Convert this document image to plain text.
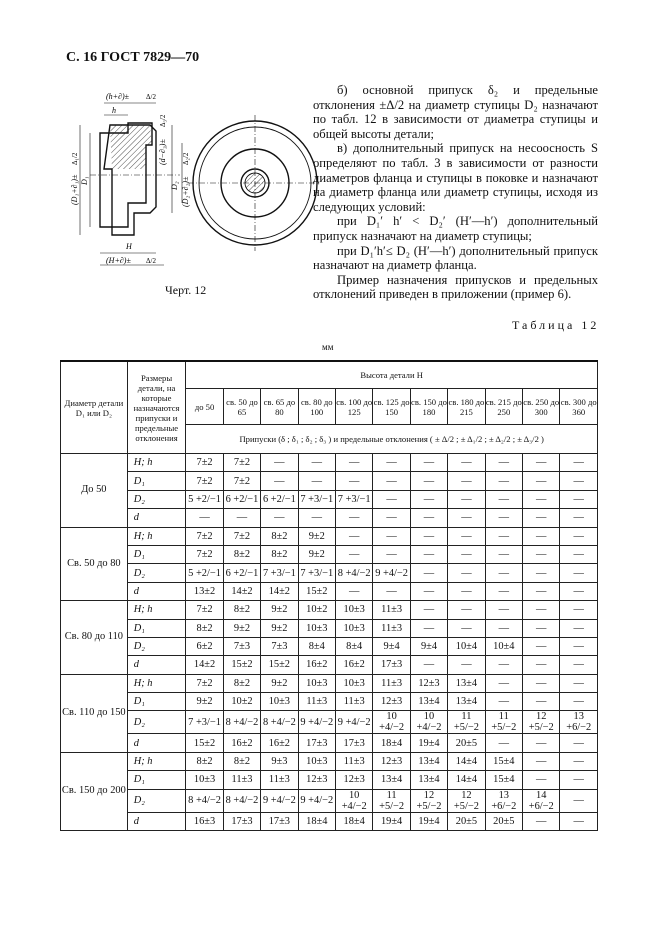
С. 16 ГОСТ 7829—70
(h+∂)± Δ/2
h
(D₁+∂₁)±
Δ₁/2
D₁
H
(H+∂)± Δ/2
(d−∂₃)±
Δ₃/2
D₂ (D₂+∂₂)±
Δ₂/2
Черт. 12

б) основной припуск δ₂ и предельные отклонения ±Δ/2 на диаметр ступицы D₂ назначают по табл. 12 в зависимости от диаметра ступицы и общей высоты детали;

в) дополнительный припуск на несоосность S определяют по табл. 3 в зависимости от разности диаметров фланца и ступицы в поковке и назначают на диаметр фланца или диаметр ступицы, исходя из следующих условий:

при D₁′ h′ < D₂′ (H′—h′) дополнительный припуск назначают на диаметр ступицы;

при D₁′h′≤ D₂ (H′—h′) дополнительный припуск назначают на диаметр фланца.

Пример назначения припусков и предельных отклонений приведен в приложении (пример 6).

Таблица 12
мм
Диаметр детали D₁ или D₂	Размеры детали, на которые назначаются припуски и предельные отклонения	Высота детали H										
		до 50	св. 50 до 65	св. 65 до 80	св. 80 до 100	св. 100 до 125	св. 125 до 150	св. 150 до 180	св. 180 до 215	св. 215 до 250	св. 250 до 300	св. 300 до 360
		Припуски (δ ; δ₁ ; δ₂ ; δ₃ ) и предельные отклонения ( ± Δ/2 ; ± Δ₁/2 ; ± Δ₂/2 ; ± Δ₃/2 )										
До 50	H; h	7±2	7±2	—	—	—	—	—	—	—	—	—
	D₁	7±2	7±2	—	—	—	—	—	—	—	—	—
	D₂	5 +2/−1	6 +2/−1	6 +2/−1	7 +3/−1	7 +3/−1	—	—	—	—	—	—
	d	—	—	—	—	—	—	—	—	—	—	—
Св. 50 до 80	H; h	7±2	7±2	8±2	9±2	—	—	—	—	—	—	—
	D₁	7±2	8±2	8±2	9±2	—	—	—	—	—	—	—
	D₂	5 +2/−1	6 +2/−1	7 +3/−1	7 +3/−1	8 +4/−2	9 +4/−2	—	—	—	—	—
	d	13±2	14±2	14±2	15±2	—	—	—	—	—	—	—
Св. 80 до 110	H; h	7±2	8±2	9±2	10±2	10±3	11±3	—	—	—	—	—
	D₁	8±2	9±2	9±2	10±3	10±3	11±3	—	—	—	—	—
	D₂	6±2	7±3	7±3	8±4	8±4	9±4	9±4	10±4	10±4	—	—
	d	14±2	15±2	15±2	16±2	16±2	17±3	—	—	—	—	—
Св. 110 до 150	H; h	7±2	8±2	9±2	10±3	10±3	11±3	12±3	13±4	—	—	—
	D₁	9±2	10±2	10±3	11±3	11±3	12±3	13±4	13±4	—	—	—
	D₂	7 +3/−1	8 +4/−2	8 +4/−2	9 +4/−2	9 +4/−2	10 +4/−2	10 +4/−2	11 +5/−2	11 +5/−2	12 +5/−2	13 +6/−2
	d	15±2	16±2	16±2	17±3	17±3	18±4	19±4	20±5	—	—	—
Св. 150 до 200	H; h	8±2	8±2	9±3	10±3	11±3	12±3	13±4	14±4	15±4	—	—
	D₁	10±3	11±3	11±3	12±3	12±3	13±4	13±4	14±4	15±4	—	—
	D₂	8 +4/−2	8 +4/−2	9 +4/−2	9 +4/−2	10 +4/−2	11 +5/−2	12 +5/−2	12 +5/−2	13 +6/−2	14 +6/−2	—
	d	16±3	17±3	17±3	18±4	18±4	19±4	19±4	20±5	20±5	—	—
